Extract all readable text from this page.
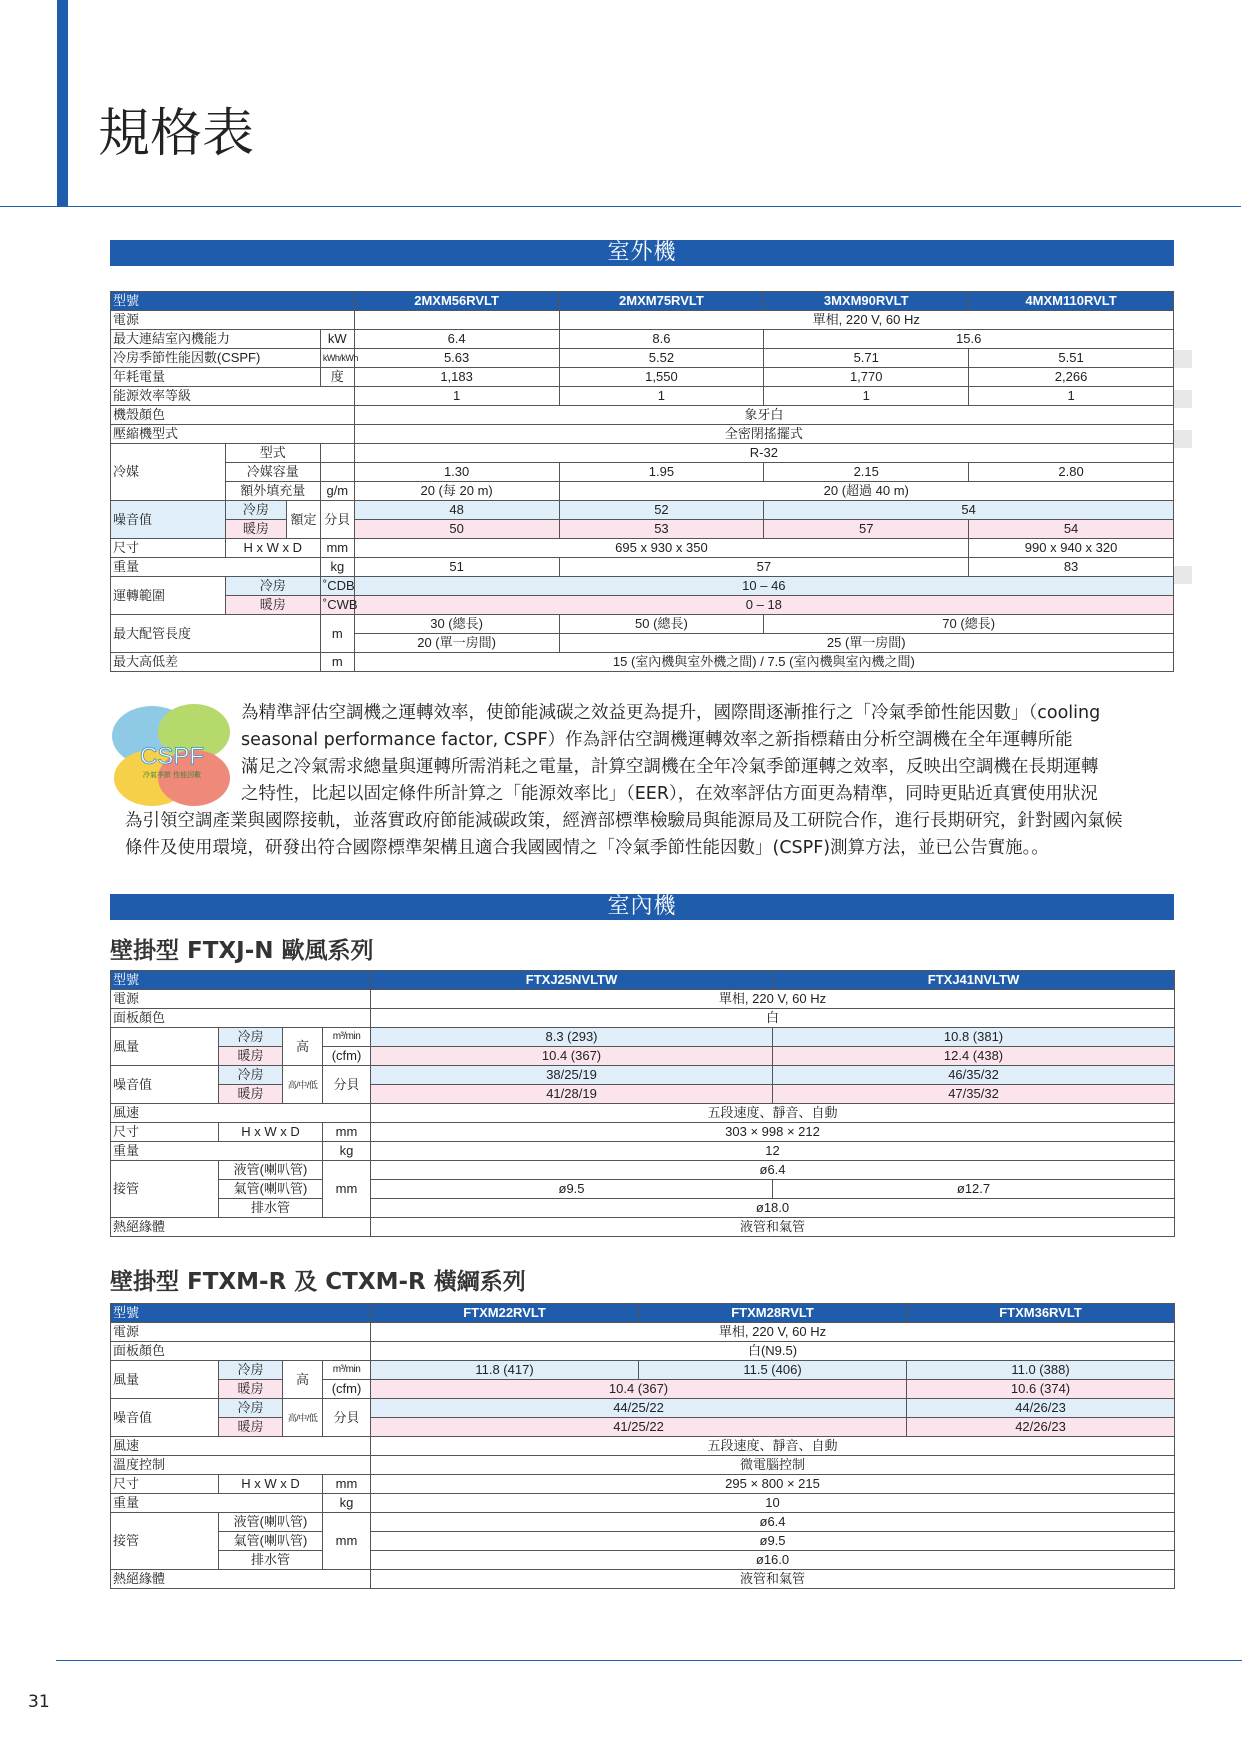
規格表
室外機
型號				2MXM56RVLT	2MXM75RVLT	3MXM90RVLT	4MXM110RVLT
電源					單相, 220 V, 60 Hz		
最大連結室內機能力			kW	6.4	8.6	15.6	
冷房季節性能因數(CSPF)			kWh/kWh	5.63	5.52	5.71	5.51
年耗電量			度	1,183	1,550	1,770	2,266
能源效率等級				1	1	1	1
機殼顏色				象牙白			
壓縮機型式				全密閉搖擺式			
冷媒	型式			R-32			
	冷媒容量			1.30	1.95	2.15	2.80
	額外填充量		g/m	20 (每 20 m)	20 (超過 40 m)		
噪音值	冷房	額定	分貝	48	52	54	
	暖房			50	53	57	54
尺寸	H x W x D		mm	695 x 930 x 350			990 x 940 x 320
重量			kg	51	57		83
運轉範圍	冷房		˚CDB	10 – 46			
	暖房		˚CWB	0 – 18			
最大配管長度			m	30 (總長)	50 (總長)	70 (總長)	
				20 (單一房間)	25 (單一房間)		
最大高低差			m	15 (室內機與室外機之間) / 7.5 (室內機與室內機之間)			
CSPF
冷氣季節 性能因數
為精準評估空調機之運轉效率，使節能減碳之效益更為提升，國際間逐漸推行之「冷氣季節性能因數」（cooling
seasonal performance factor, CSPF）作為評估空調機運轉效率之新指標藉由分析空調機在全年運轉所能
滿足之冷氣需求總量與運轉所需消耗之電量，計算空調機在全年冷氣季節運轉之效率，反映出空調機在長期運轉
之特性，比起以固定條件所計算之「能源效率比」（EER），在效率評估方面更為精準，同時更貼近真實使用狀況
為引領空調產業與國際接軌，並落實政府節能減碳政策，經濟部標準檢驗局與能源局及工研院合作，進行長期研究，針對國內氣候
條件及使用環境，研發出符合國際標準架構且適合我國國情之「冷氣季節性能因數」(CSPF)測算方法，並已公告實施。。
室內機
壁掛型 FTXJ-N 歐風系列
型號				FTXJ25NVLTW	FTXJ41NVLTW
電源				單相, 220 V, 60 Hz	
面板顏色				白	
風量	冷房	高	m³/min	8.3 (293)	10.8 (381)
	暖房		(cfm)	10.4 (367)	12.4 (438)
噪音值	冷房	高/中/低	分貝	38/25/19	46/35/32
	暖房			41/28/19	47/35/32
風速				五段速度、靜音、自動	
尺寸	H x W x D		mm	303 × 998 × 212	
重量			kg	12	
接管	液管(喇叭管)		mm	ø6.4	
	氣管(喇叭管)			ø9.5	ø12.7
	排水管			ø18.0	
熱絕緣體				液管和氣管	
壁掛型 FTXM-R 及 CTXM-R 橫綱系列
型號				FTXM22RVLT	FTXM28RVLT	FTXM36RVLT
電源				單相, 220 V, 60 Hz		
面板顏色				白(N9.5)		
風量	冷房	高	m³/min	11.8 (417)	11.5 (406)	11.0 (388)
	暖房		(cfm)	10.4 (367)		10.6 (374)
噪音值	冷房	高/中/低	分貝	44/25/22		44/26/23
	暖房			41/25/22		42/26/23
風速				五段速度、靜音、自動		
溫度控制				微電腦控制		
尺寸	H x W x D		mm	295 × 800 × 215		
重量			kg	10		
接管	液管(喇叭管)		mm	ø6.4		
	氣管(喇叭管)			ø9.5		
	排水管			ø16.0		
熱絕緣體				液管和氣管		
31
